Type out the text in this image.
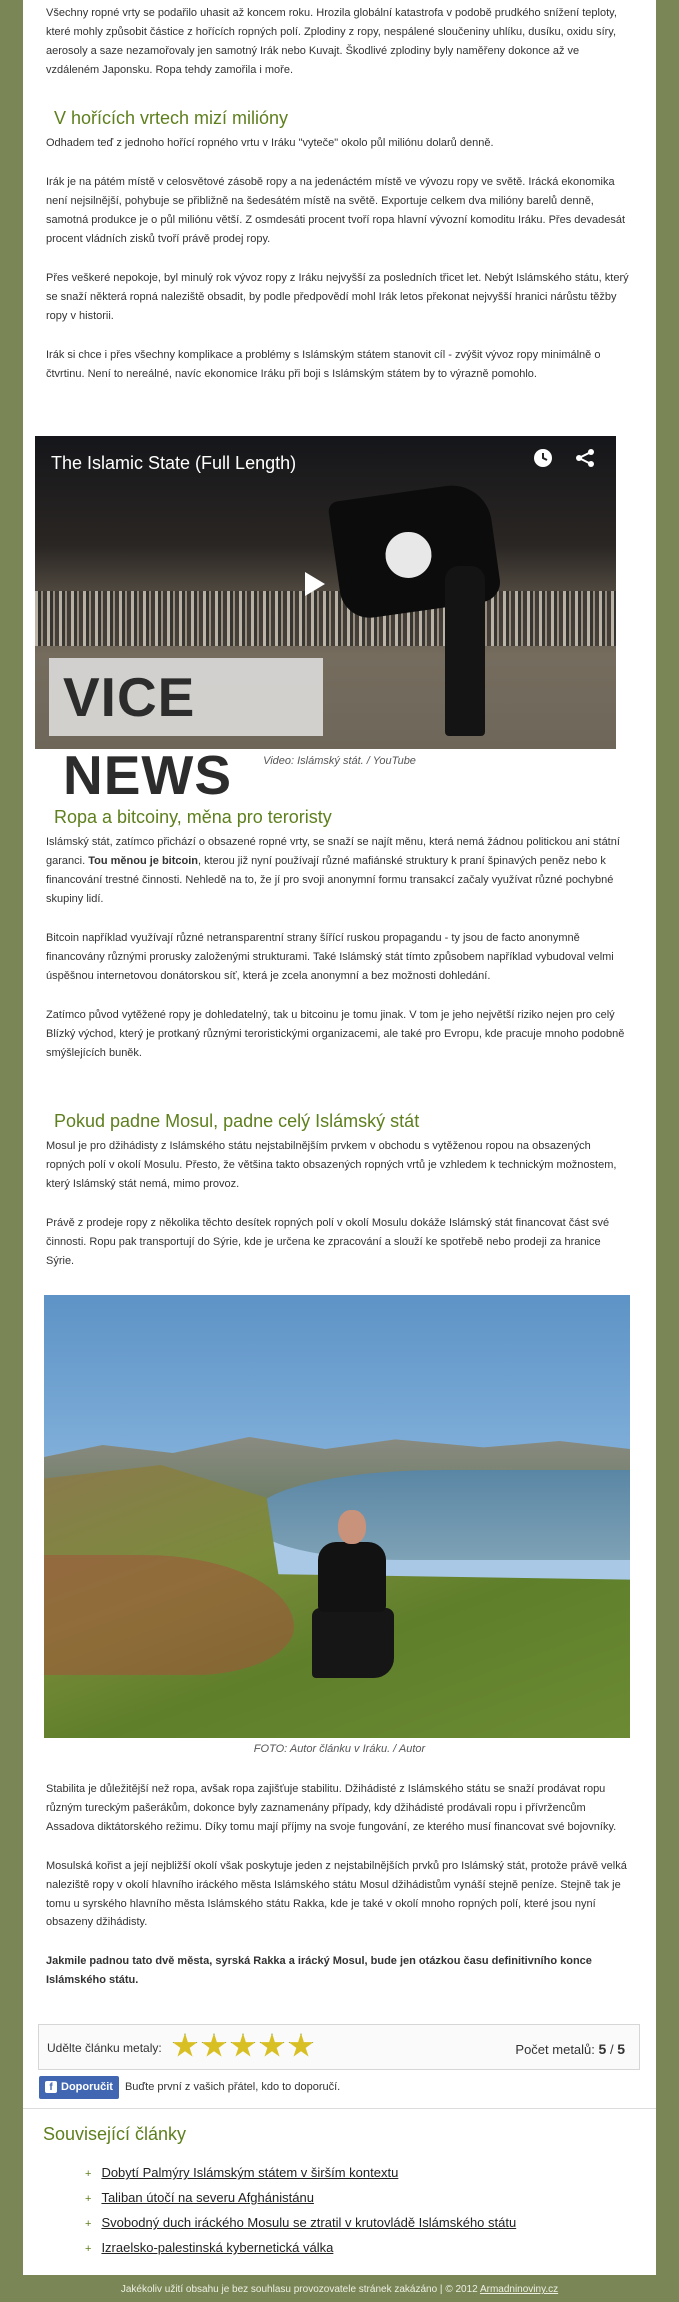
Všechny ropné vrty se podařilo uhasit až koncem roku. Hrozila globální katastrofa v podobě prudkého snížení teploty, které mohly způsobit částice z hořících ropných polí. Zplodiny z ropy, nespálené sloučeniny uhlíku, dusíku, oxidu síry, aerosoly a saze nezamořovaly jen samotný Irák nebo Kuvajt. Škodlivé zplodiny byly naměřeny dokonce až ve vzdáleném Japonsku. Ropa tehdy zamořila i moře.

V hořících vrtech mizí milióny

Odhadem teď z jednoho hořící ropného vrtu v Iráku "vyteče" okolo půl miliónu dolarů denně.

Irák je na pátém místě v celosvětové zásobě ropy a na jedenáctém místě ve vývozu ropy ve světě. Irácká ekonomika není nejsilnější, pohybuje se přibližně na šedesátém místě na světě. Exportuje celkem dva milióny barelů denně, samotná produkce je o půl miliónu větší. Z osmdesáti procent tvoří ropa hlavní vývozní komoditu Iráku. Přes devadesát procent vládních zisků tvoří právě prodej ropy.

Přes veškeré nepokoje, byl minulý rok vývoz ropy z Iráku nejvyšší za posledních třicet let. Nebýt Islámského státu, který se snaží některá ropná naleziště obsadit, by podle předpovědí mohl Irák letos překonat nejvyšší hranici nárůstu těžby ropy v historii.

Irák si chce i přes všechny komplikace a problémy s Islámským státem stanovit cíl - zvýšit vývoz ropy minimálně o čtvrtinu. Není to nereálné, navíc ekonomice Iráku při boji s Islámským státem by to výrazně pomohlo.

The Islamic State (Full Length)
VICE NEWS	Video: Islámský stát. / YouTube
Ropa a bitcoiny, měna pro teroristy

Islámský stát, zatímco přichází o obsazené ropné vrty, se snaží se najít měnu, která nemá žádnou politickou ani státní garanci. Tou měnou je bitcoin, kterou již nyní používají různé mafiánské struktury k praní špinavých peněz nebo k financování trestné činnosti. Nehledě na to, že jí pro svoji anonymní formu transakcí začaly využívat různé pochybné skupiny lidí.

Bitcoin například využívají různé netransparentní strany šířící ruskou propagandu - ty jsou de facto anonymně financovány různými prorusky založenými strukturami. Také Islámský stát tímto způsobem například vybudoval velmi úspěšnou internetovou donátorskou síť, která je zcela anonymní a bez možnosti dohledání.

Zatímco původ vytěžené ropy je dohledatelný, tak u bitcoinu je tomu jinak. V tom je jeho největší riziko nejen pro celý Blízký východ, který je protkaný různými teroristickými organizacemi, ale také pro Evropu, kde pracuje mnoho podobně smýšlejících buněk.

Pokud padne Mosul, padne celý Islámský stát

Mosul je pro džihádisty z Islámského státu nejstabilnějším prvkem v obchodu s vytěženou ropou na obsazených ropných polí v okolí Mosulu. Přesto, že většina takto obsazených ropných vrtů je vzhledem k technickým možnostem, který Islámský stát nemá, mimo provoz.

Právě z prodeje ropy z několika těchto desítek ropných polí v okolí Mosulu dokáže Islámský stát financovat část své činnosti. Ropu pak transportují do Sýrie, kde je určena ke zpracování a slouží ke spotřebě nebo prodeji za hranice Sýrie.

FOTO: Autor článku v Iráku. / Autor

Stabilita je důležitější než ropa, avšak ropa zajišťuje stabilitu. Džihádisté z Islámského státu se snaží prodávat ropu různým tureckým pašerákům, dokonce byly zaznamenány případy, kdy džihádisté prodávali ropu i přívržencům Assadova diktátorského režimu. Díky tomu mají příjmy na svoje fungování, ze kterého musí financovat své bojovníky.

Mosulská kořist a její nejbližší okolí však poskytuje jeden z nejstabilnějších prvků pro Islámský stát, protože právě velká naleziště ropy v okolí hlavního iráckého města Islámského státu Mosul džihádistům vynáší stejně peníze. Stejně tak je tomu u syrského hlavního města Islámského státu Rakka, kde je také v okolí mnoho ropných polí, které jsou nyní obsazeny džihádisty.

Jakmile padnou tato dvě města, syrská Rakka a irácký Mosul, bude jen otázkou času definitivního konce Islámského státu.

Udělte článku metaly:	Počet metalů: 5 / 5
f Doporučit Buďte první z vašich přátel, kdo to doporučí.
Související články
+ Dobytí Palmýry Islámským státem v širším kontextu
+ Taliban útočí na severu Afghánistánu
+ Svobodný duch iráckého Mosulu se ztratil v krutovládě Islámského státu
+ Izraelsko-palestinská kybernetická válka
Jakékoliv užití obsahu je bez souhlasu provozovatele stránek zakázáno | © 2012 Armadninoviny.cz
